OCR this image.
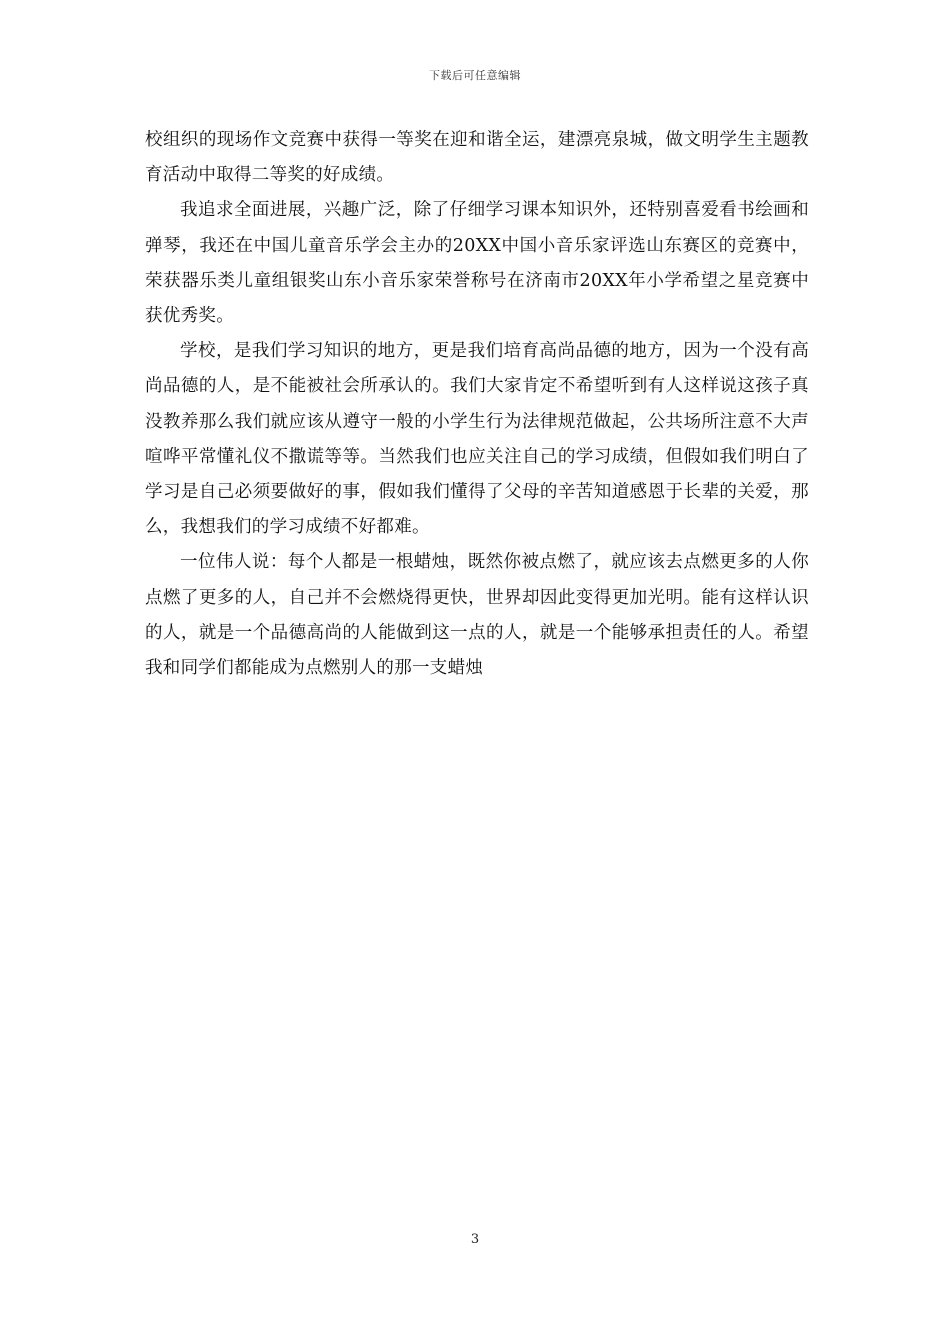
下载后可任意编辑

校组织的现场作文竞赛中获得一等奖在迎和谐全运，建漂亮泉城，做文明学生主题教育活动中取得二等奖的好成绩。

我追求全面进展，兴趣广泛，除了仔细学习课本知识外，还特别喜爱看书绘画和弹琴，我还在中国儿童音乐学会主办的20XX中国小音乐家评选山东赛区的竞赛中，荣获器乐类儿童组银奖山东小音乐家荣誉称号在济南市20XX年小学希望之星竞赛中获优秀奖。

学校，是我们学习知识的地方，更是我们培育高尚品德的地方，因为一个没有高尚品德的人，是不能被社会所承认的。我们大家肯定不希望听到有人这样说这孩子真没教养那么我们就应该从遵守一般的小学生行为法律规范做起，公共场所注意不大声喧哗平常懂礼仪不撒谎等等。当然我们也应关注自己的学习成绩，但假如我们明白了学习是自己必须要做好的事，假如我们懂得了父母的辛苦知道感恩于长辈的关爱，那么，我想我们的学习成绩不好都难。

一位伟人说：每个人都是一根蜡烛，既然你被点燃了，就应该去点燃更多的人你点燃了更多的人，自己并不会燃烧得更快，世界却因此变得更加光明。能有这样认识的人，就是一个品德高尚的人能做到这一点的人，就是一个能够承担责任的人。希望我和同学们都能成为点燃别人的那一支蜡烛

3
